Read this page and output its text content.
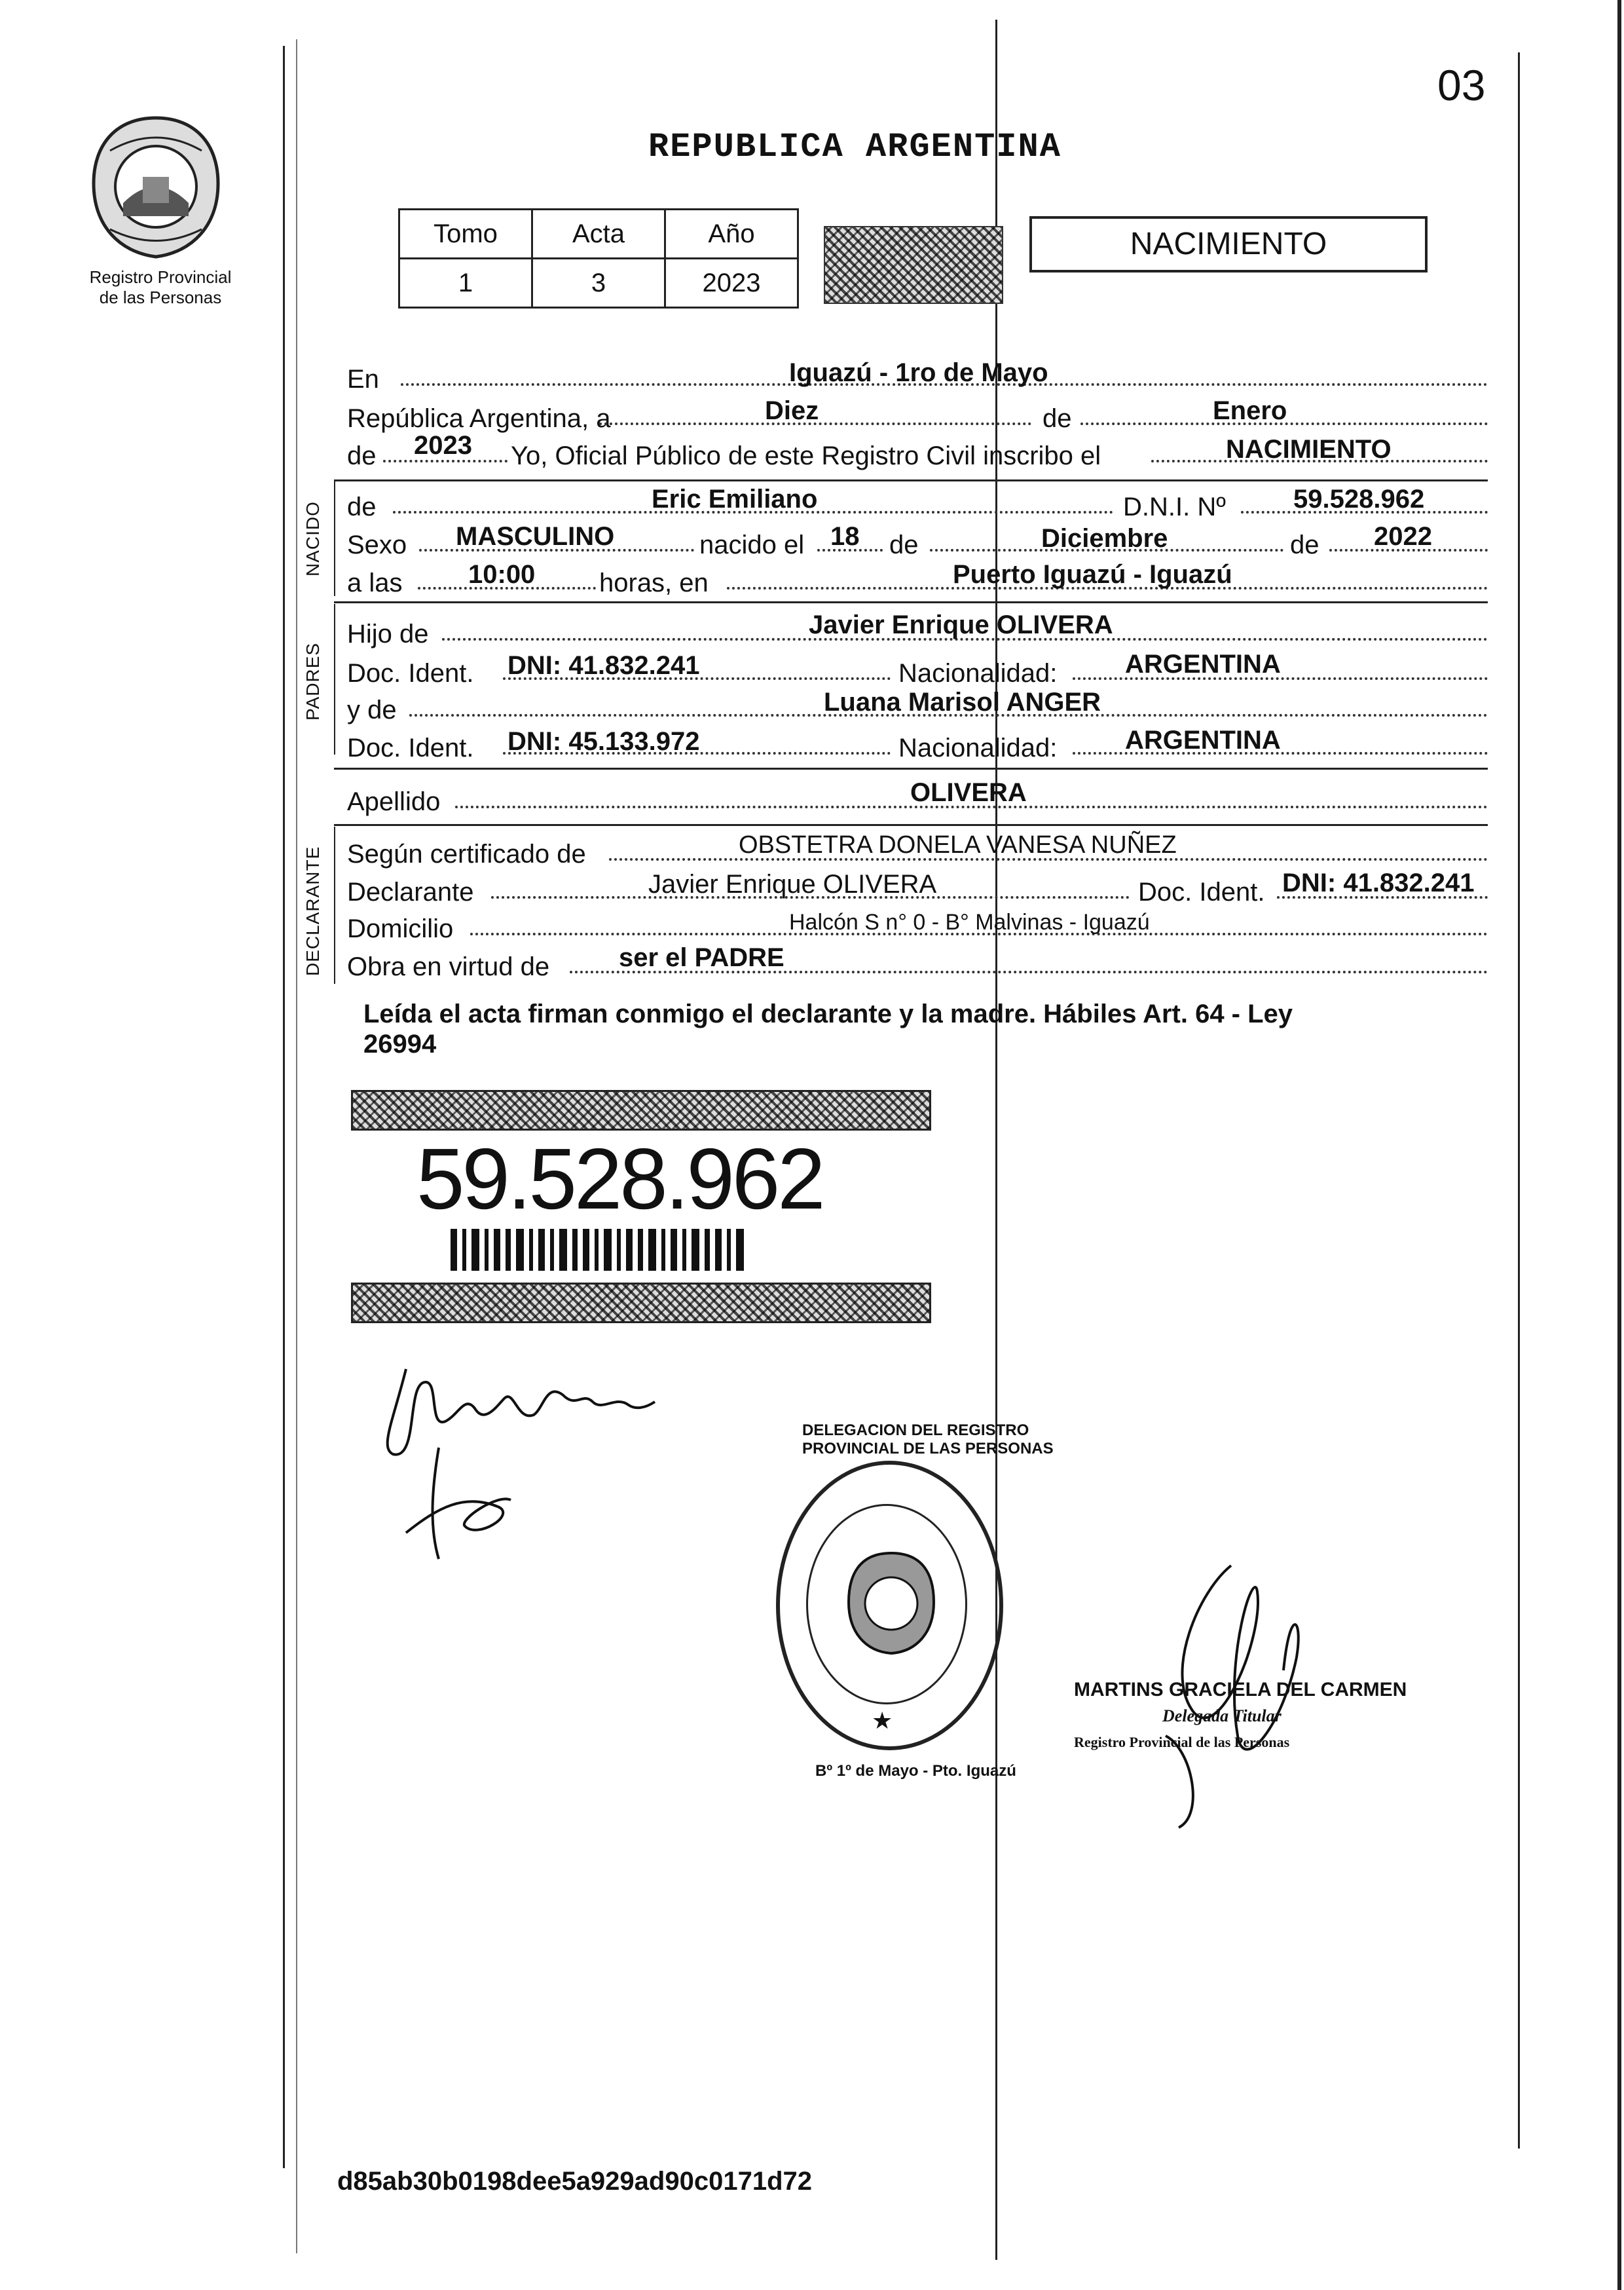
03
Registro Provincial
de las Personas
REPUBLICA ARGENTINA
Tomo	Acta	Año
1	3	2023
NACIMIENTO
En	Iguazú - 1ro de Mayo
República Argentina, a	Diez	de	Enero
de 2023 Yo, Oficial Público de este Registro Civil inscribo el	NACIMIENTO
NACIDO de	Eric Emiliano	D.N.I. Nº	59.528.962
Sexo MASCULINO	nacido el 18 de	Diciembre	de 2022
a las	10:00 horas, en	Puerto Iguazú - Iguazú
PADRES
Hijo de	Javier Enrique OLIVERA
Doc. Ident. DNI: 41.832.241	Nacionalidad:	ARGENTINA
y de	Luana Marisol ANGER
Doc. Ident. DNI: 45.133.972	Nacionalidad:	ARGENTINA
Apellido	OLIVERA
DECLARANTE Según certificado de	OBSTETRA DONELA VANESA NUÑEZ
Declarante	Javier Enrique OLIVERA	Doc. Ident. DNI: 41.832.241
Domicilio	Halcón S n° 0 - B° Malvinas - Iguazú
Obra en virtud de	ser el PADRE
Leída el acta firman conmigo el declarante y la madre. Hábiles Art. 64 - Ley
26994
59.528.962
★
DELEGACION DEL REGISTRO PROVINCIAL DE LAS PERSONAS
Bº 1º de Mayo - Pto. Iguazú
MARTINS GRACIELA DEL CARMEN
Delegada Titular
Registro Provincial de las Personas
d85ab30b0198dee5a929ad90c0171d72
